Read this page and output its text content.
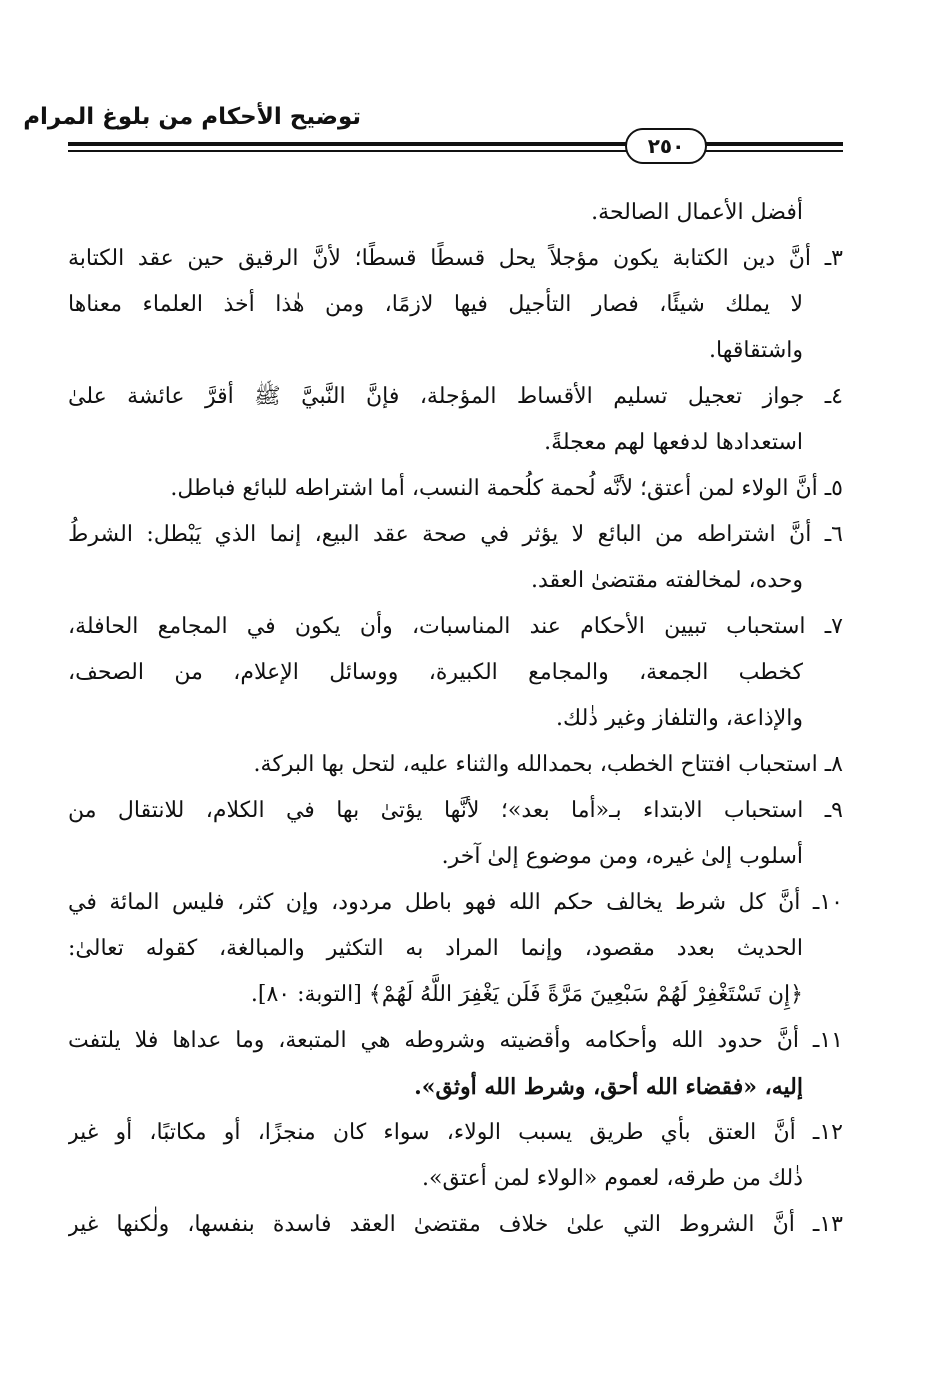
توضيح الأحكام من بلوغ المرام
٢٥٠
أفضل الأعمال الصالحة.
٣ـ أنَّ دين الكتابة يكون مؤجلاً يحل قسطًا قسطًا؛ لأنَّ الرقيق حين عقد الكتابة
لا يملك شيئًا، فصار التأجيل فيها لازمًا، ومن هٰذا أخذ العلماء معناها
واشتقاقها.
٤ـ جواز تعجيل تسليم الأقساط المؤجلة، فإنَّ النَّبيَّ ﷺ أقرَّ عائشة علىٰ
استعدادها لدفعها لهم معجلةً.
٥ـ أنَّ الولاء لمن أعتق؛ لأنَّه لُحمة كلُحمة النسب، أما اشتراطه للبائع فباطل.
٦ـ أنَّ اشتراطه من البائع لا يؤثر في صحة عقد البيع، إنما الذي يَبْطل: الشرطُ
وحده، لمخالفته مقتضىٰ العقد.
٧ـ استحباب تبيين الأحكام عند المناسبات، وأن يكون في المجامع الحافلة،
كخطب الجمعة، والمجامع الكبيرة، ووسائل الإعلام، من الصحف،
والإذاعة، والتلفاز وغير ذٰلك.
٨ـ استحباب افتتاح الخطب، بحمدالله والثناء عليه، لتحل بها البركة.
٩ـ استحباب الابتداء بـ«أما بعد»؛ لأنَّها يؤتىٰ بها في الكلام، للانتقال من
أسلوب إلىٰ غيره، ومن موضوع إلىٰ آخر.
١٠ـ أنَّ كل شرط يخالف حكم الله فهو باطل مردود، وإن كثر، فليس المائة في
الحديث بعدد مقصود، وإنما المراد به التكثير والمبالغة، كقوله تعالىٰ:
﴿إِن تَسْتَغْفِرْ لَهُمْ سَبْعِينَ مَرَّةً فَلَن يَغْفِرَ اللَّهُ لَهُمْ﴾ [التوبة: ٨٠].
١١ـ أنَّ حدود الله وأحكامه وأقضيته وشروطه هي المتبعة، وما عداها فلا يلتفت
إليه، «فقضاء الله أحق، وشرط الله أوثق».
١٢ـ أنَّ العتق بأي طريق يسبب الولاء، سواء كان منجزًا، أو مكاتبًا، أو غير
ذٰلك من طرقه، لعموم «الولاء لمن أعتق».
١٣ـ أنَّ الشروط التي علىٰ خلاف مقتضىٰ العقد فاسدة بنفسها، ولٰكنها غير
